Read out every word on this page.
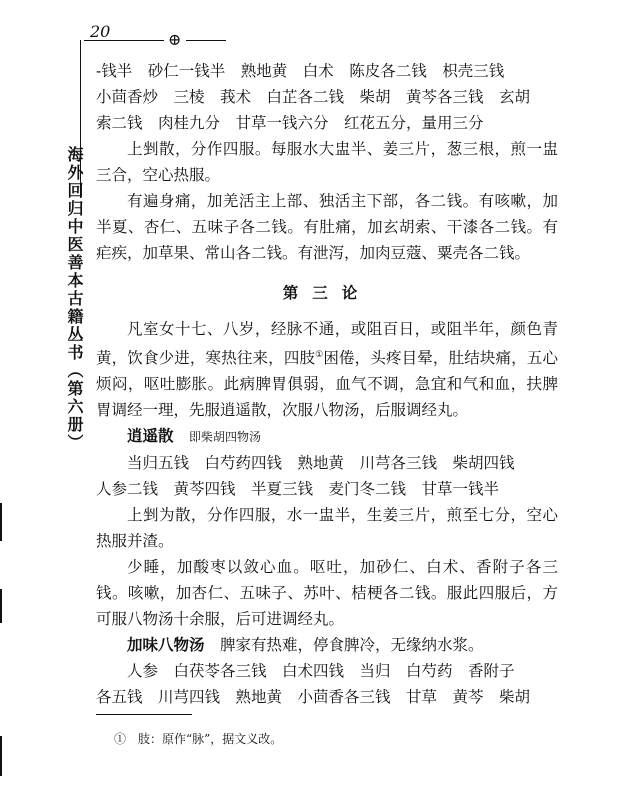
20	⊕
海外回归中医善本古籍丛书（第六册）

-钱半　砂仁一钱半　熟地黄　白术　陈皮各二钱　枳壳三钱

小茴香炒　三棱　莪术　白芷各二钱　柴胡　黄芩各三钱　玄胡

索二钱　肉桂九分　甘草一钱六分　红花五分，量用三分

上剉散，分作四服。每服水大盅半、姜三片，葱三根，煎一盅三合，空心热服。

有遍身痛，加羌活主上部、独活主下部，各二钱。有咳嗽，加半夏、杏仁、五味子各二钱。有肚痛，加玄胡索、干漆各二钱。有疟疾，加草果、常山各二钱。有泄泻，加肉豆蔻、粟壳各二钱。

第三论

凡室女十七、八岁，经脉不通，或阻百日，或阻半年，颜色青黄，饮食少进，寒热往来，四肢①困倦，头疼目晕，肚结块痛，五心烦闷，呕吐膨胀。此病脾胃俱弱，血气不调，急宜和气和血，扶脾胃调经一理，先服逍遥散，次服八物汤，后服调经丸。

逍遥散　 即柴胡四物汤

当归五钱　白芍药四钱　熟地黄　川芎各三钱　柴胡四钱

人参二钱　黄芩四钱　半夏三钱　麦门冬二钱　甘草一钱半

上剉为散，分作四服，水一盅半，生姜三片，煎至七分，空心热服并渣。

少睡，加酸枣以敛心血。呕吐，加砂仁、白术、香附子各三钱。咳嗽，加杏仁、五味子、苏叶、桔梗各二钱。服此四服后，方可服八物汤十余服，后可进调经丸。

加味八物汤　 脾家有热难，停食脾冷，无缘纳水浆。

人参　白茯苓各三钱　白术四钱　当归　白芍药　香附子

各五钱　川芎四钱　熟地黄　小茴香各三钱　甘草　黄芩　柴胡

①　肢：原作“脉”，据文义改。
